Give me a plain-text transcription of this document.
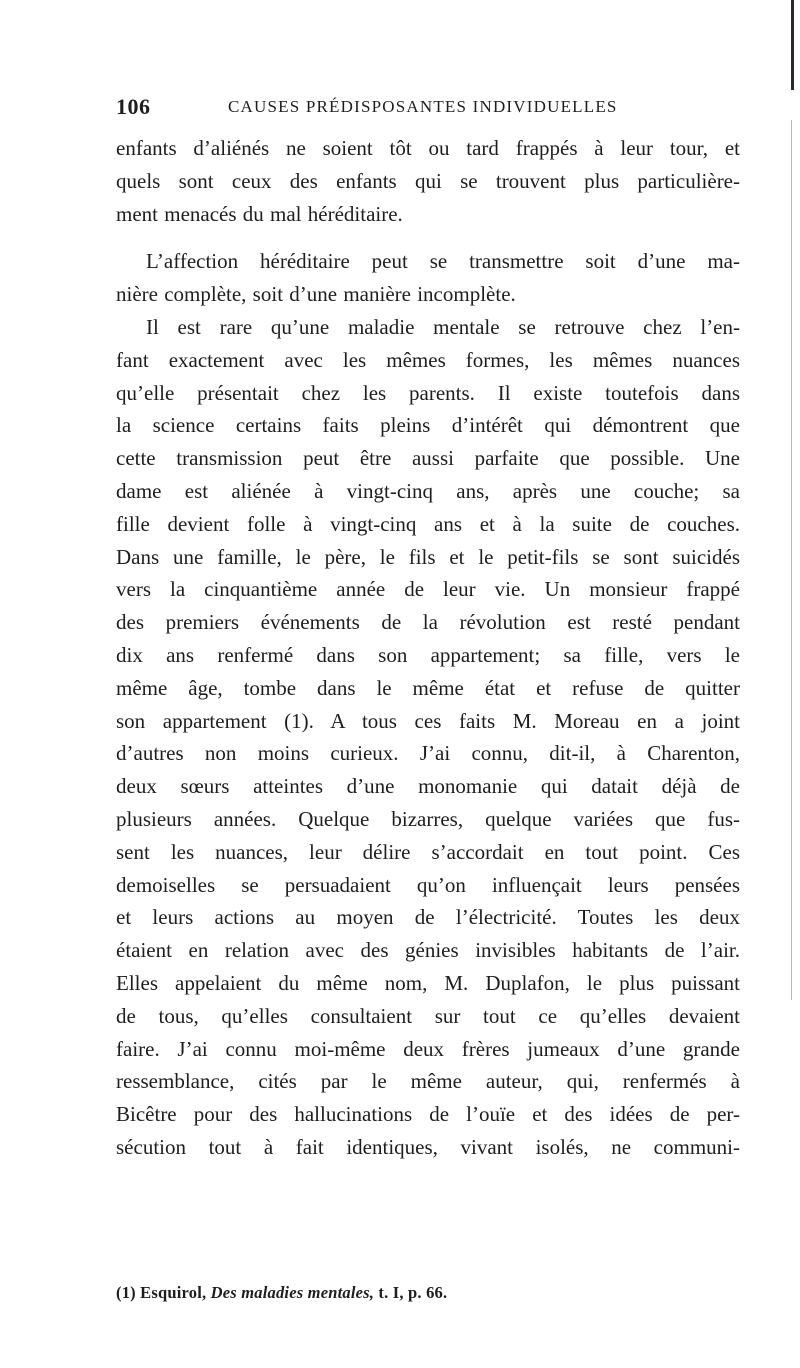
106	CAUSES PRÉDISPOSANTES INDIVIDUELLES
enfants d’aliénés ne soient tôt ou tard frappés à leur tour, et
quels sont ceux des enfants qui se trouvent plus particulière-
ment menacés du mal héréditaire.
L’affection héréditaire peut se transmettre soit d’une ma-
nière complète, soit d’une manière incomplète.
Il est rare qu’une maladie mentale se retrouve chez l’en-
fant exactement avec les mêmes formes, les mêmes nuances
qu’elle présentait chez les parents. Il existe toutefois dans
la science certains faits pleins d’intérêt qui démontrent que
cette transmission peut être aussi parfaite que possible. Une
dame est aliénée à vingt-cinq ans, après une couche; sa
fille devient folle à vingt-cinq ans et à la suite de couches.
Dans une famille, le père, le fils et le petit-fils se sont suicidés
vers la cinquantième année de leur vie. Un monsieur frappé
des premiers événements de la révolution est resté pendant
dix ans renfermé dans son appartement; sa fille, vers le
même âge, tombe dans le même état et refuse de quitter
son appartement (1). A tous ces faits M. Moreau en a joint
d’autres non moins curieux. J’ai connu, dit-il, à Charenton,
deux sœurs atteintes d’une monomanie qui datait déjà de
plusieurs années. Quelque bizarres, quelque variées que fus-
sent les nuances, leur délire s’accordait en tout point. Ces
demoiselles se persuadaient qu’on influençait leurs pensées
et leurs actions au moyen de l’électricité. Toutes les deux
étaient en relation avec des génies invisibles habitants de l’air.
Elles appelaient du même nom, M. Duplafon, le plus puissant
de tous, qu’elles consultaient sur tout ce qu’elles devaient
faire. J’ai connu moi-même deux frères jumeaux d’une grande
ressemblance, cités par le même auteur, qui, renfermés à
Bicêtre pour des hallucinations de l’ouïe et des idées de per-
sécution tout à fait identiques, vivant isolés, ne communi-
(1) Esquirol, Des maladies mentales, t. I, p. 66.
